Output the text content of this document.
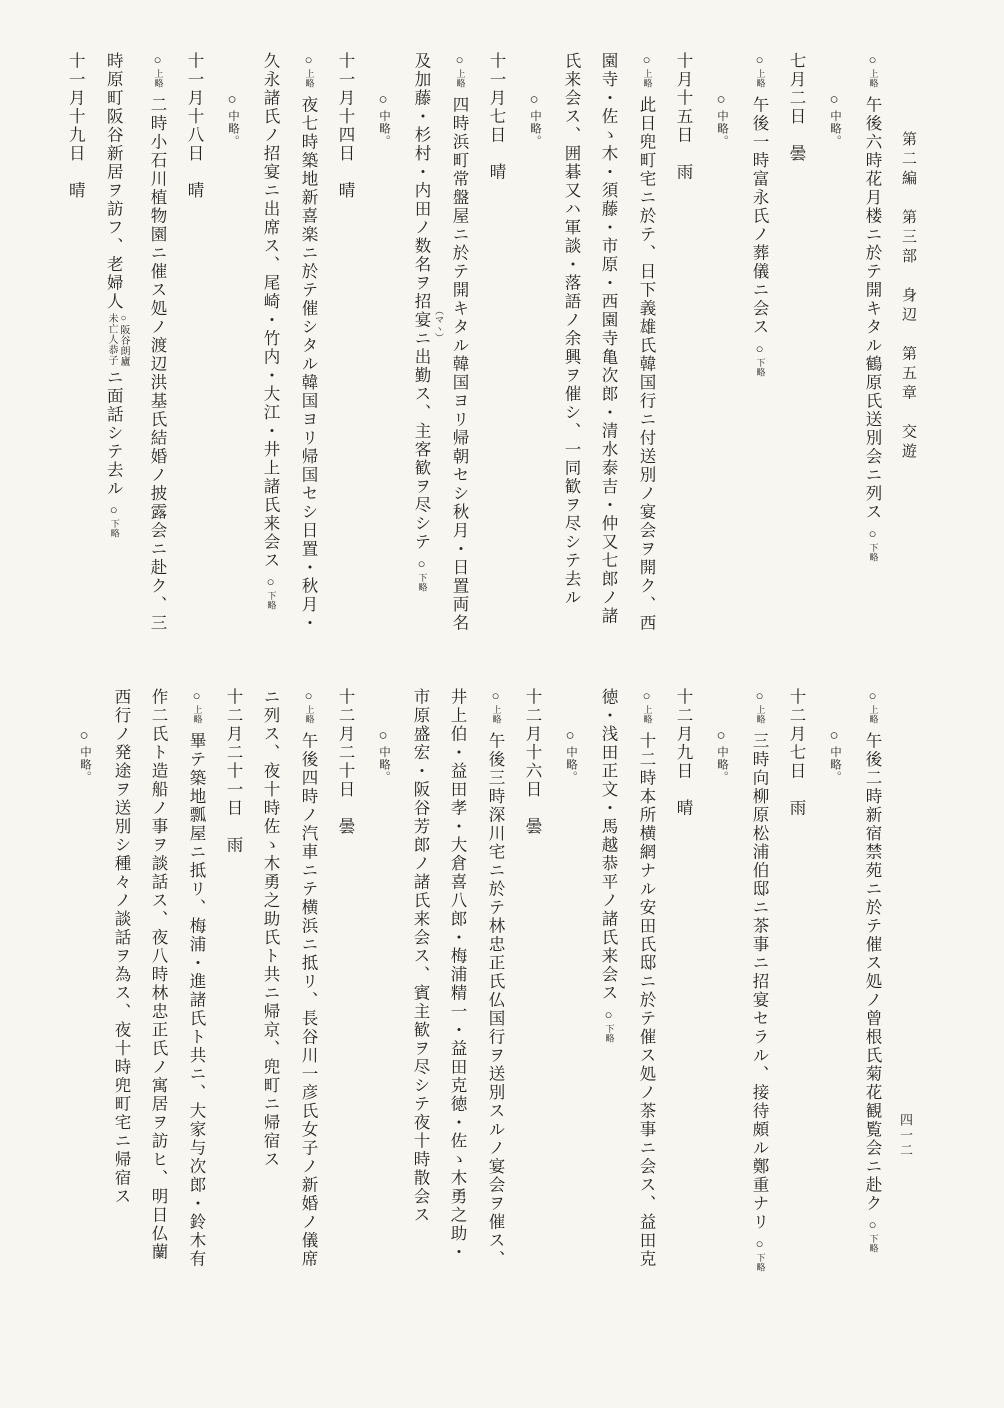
第二編　第三部　身辺　第五章　交遊
○上略午後六時花月楼ニ於テ開キタル鶴原氏送別会ニ列ス○下略
○中略。
七月二日　曇
○上略午後一時富永氏ノ葬儀ニ会ス○下略
○中略。
十月十五日　雨
○上略此日兜町宅ニ於テ、日下義雄氏韓国行ニ付送別ノ宴会ヲ開ク、西
園寺・佐ゝ木・須藤・市原・西園寺亀次郎・清水泰吉・仲又七郎ノ諸
氏来会ス、囲碁又ハ軍談・落語ノ余興ヲ催シ、一同歓ヲ尽シテ去ル
○中略。
十一月七日　晴
○上略四時浜町常盤屋ニ於テ開キタル韓国ヨリ帰朝セシ秋月・日置両名
及加藤・杉村・内田ノ数名ヲ招宴ニ （マヽ）
出勤ス、主客歓ヲ尽シテ○下略
○中略。
十一月十四日　晴
○上略夜七時築地新喜楽ニ於テ催シタル韓国ヨリ帰国セシ日置・秋月・
久永諸氏ノ招宴ニ出席ス、尾崎・竹内・大江・井上諸氏来会ス○下略
○中略。
十一月十八日　晴
○上略二時小石川植物園ニ催ス処ノ渡辺洪基氏結婚ノ披露会ニ赴ク、三
時原町阪谷新居ヲ訪フ、老婦人
○阪谷朗廬
未亡人恭子
ニ面話シテ去ル○下略
十一月十九日　晴
○上略午後二時新宿禁苑ニ於テ催ス処ノ曾根氏菊花観覧会ニ赴ク○下略
○中略。
十二月七日　雨
○上略三時向柳原松浦伯邸ニ茶事ニ招宴セラル、接待頗ル鄭重ナリ○下略
○中略。
十二月九日　晴
○上略十二時本所横網ナル安田氏邸ニ於テ催ス処ノ茶事ニ会ス、益田克
徳・浅田正文・馬越恭平ノ諸氏来会ス○下略
○中略。
十二月十六日　曇
○上略午後三時深川宅ニ於テ林忠正氏仏国行ヲ送別スルノ宴会ヲ催ス、
井上伯・益田孝・大倉喜八郎・梅浦精一・益田克徳・佐ゝ木勇之助・
市原盛宏・阪谷芳郎ノ諸氏来会ス、賓主歓ヲ尽シテ夜十時散会ス
○中略。
十二月二十日　曇
○上略午後四時ノ汽車ニテ横浜ニ抵リ、長谷川一彦氏女子ノ新婚ノ儀席
ニ列ス、夜十時佐ゝ木勇之助氏ト共ニ帰京、兜町ニ帰宿ス
十二月二十一日　雨
○上略畢テ築地瓢屋ニ抵リ、梅浦・進諸氏ト共ニ、大家与次郎・鈴木有
作二氏ト造船ノ事ヲ談話ス、夜八時林忠正氏ノ寓居ヲ訪ヒ、明日仏蘭
西行ノ発途ヲ送別シ種々ノ談話ヲ為ス、夜十時兜町宅ニ帰宿ス
○中略。
四一二
